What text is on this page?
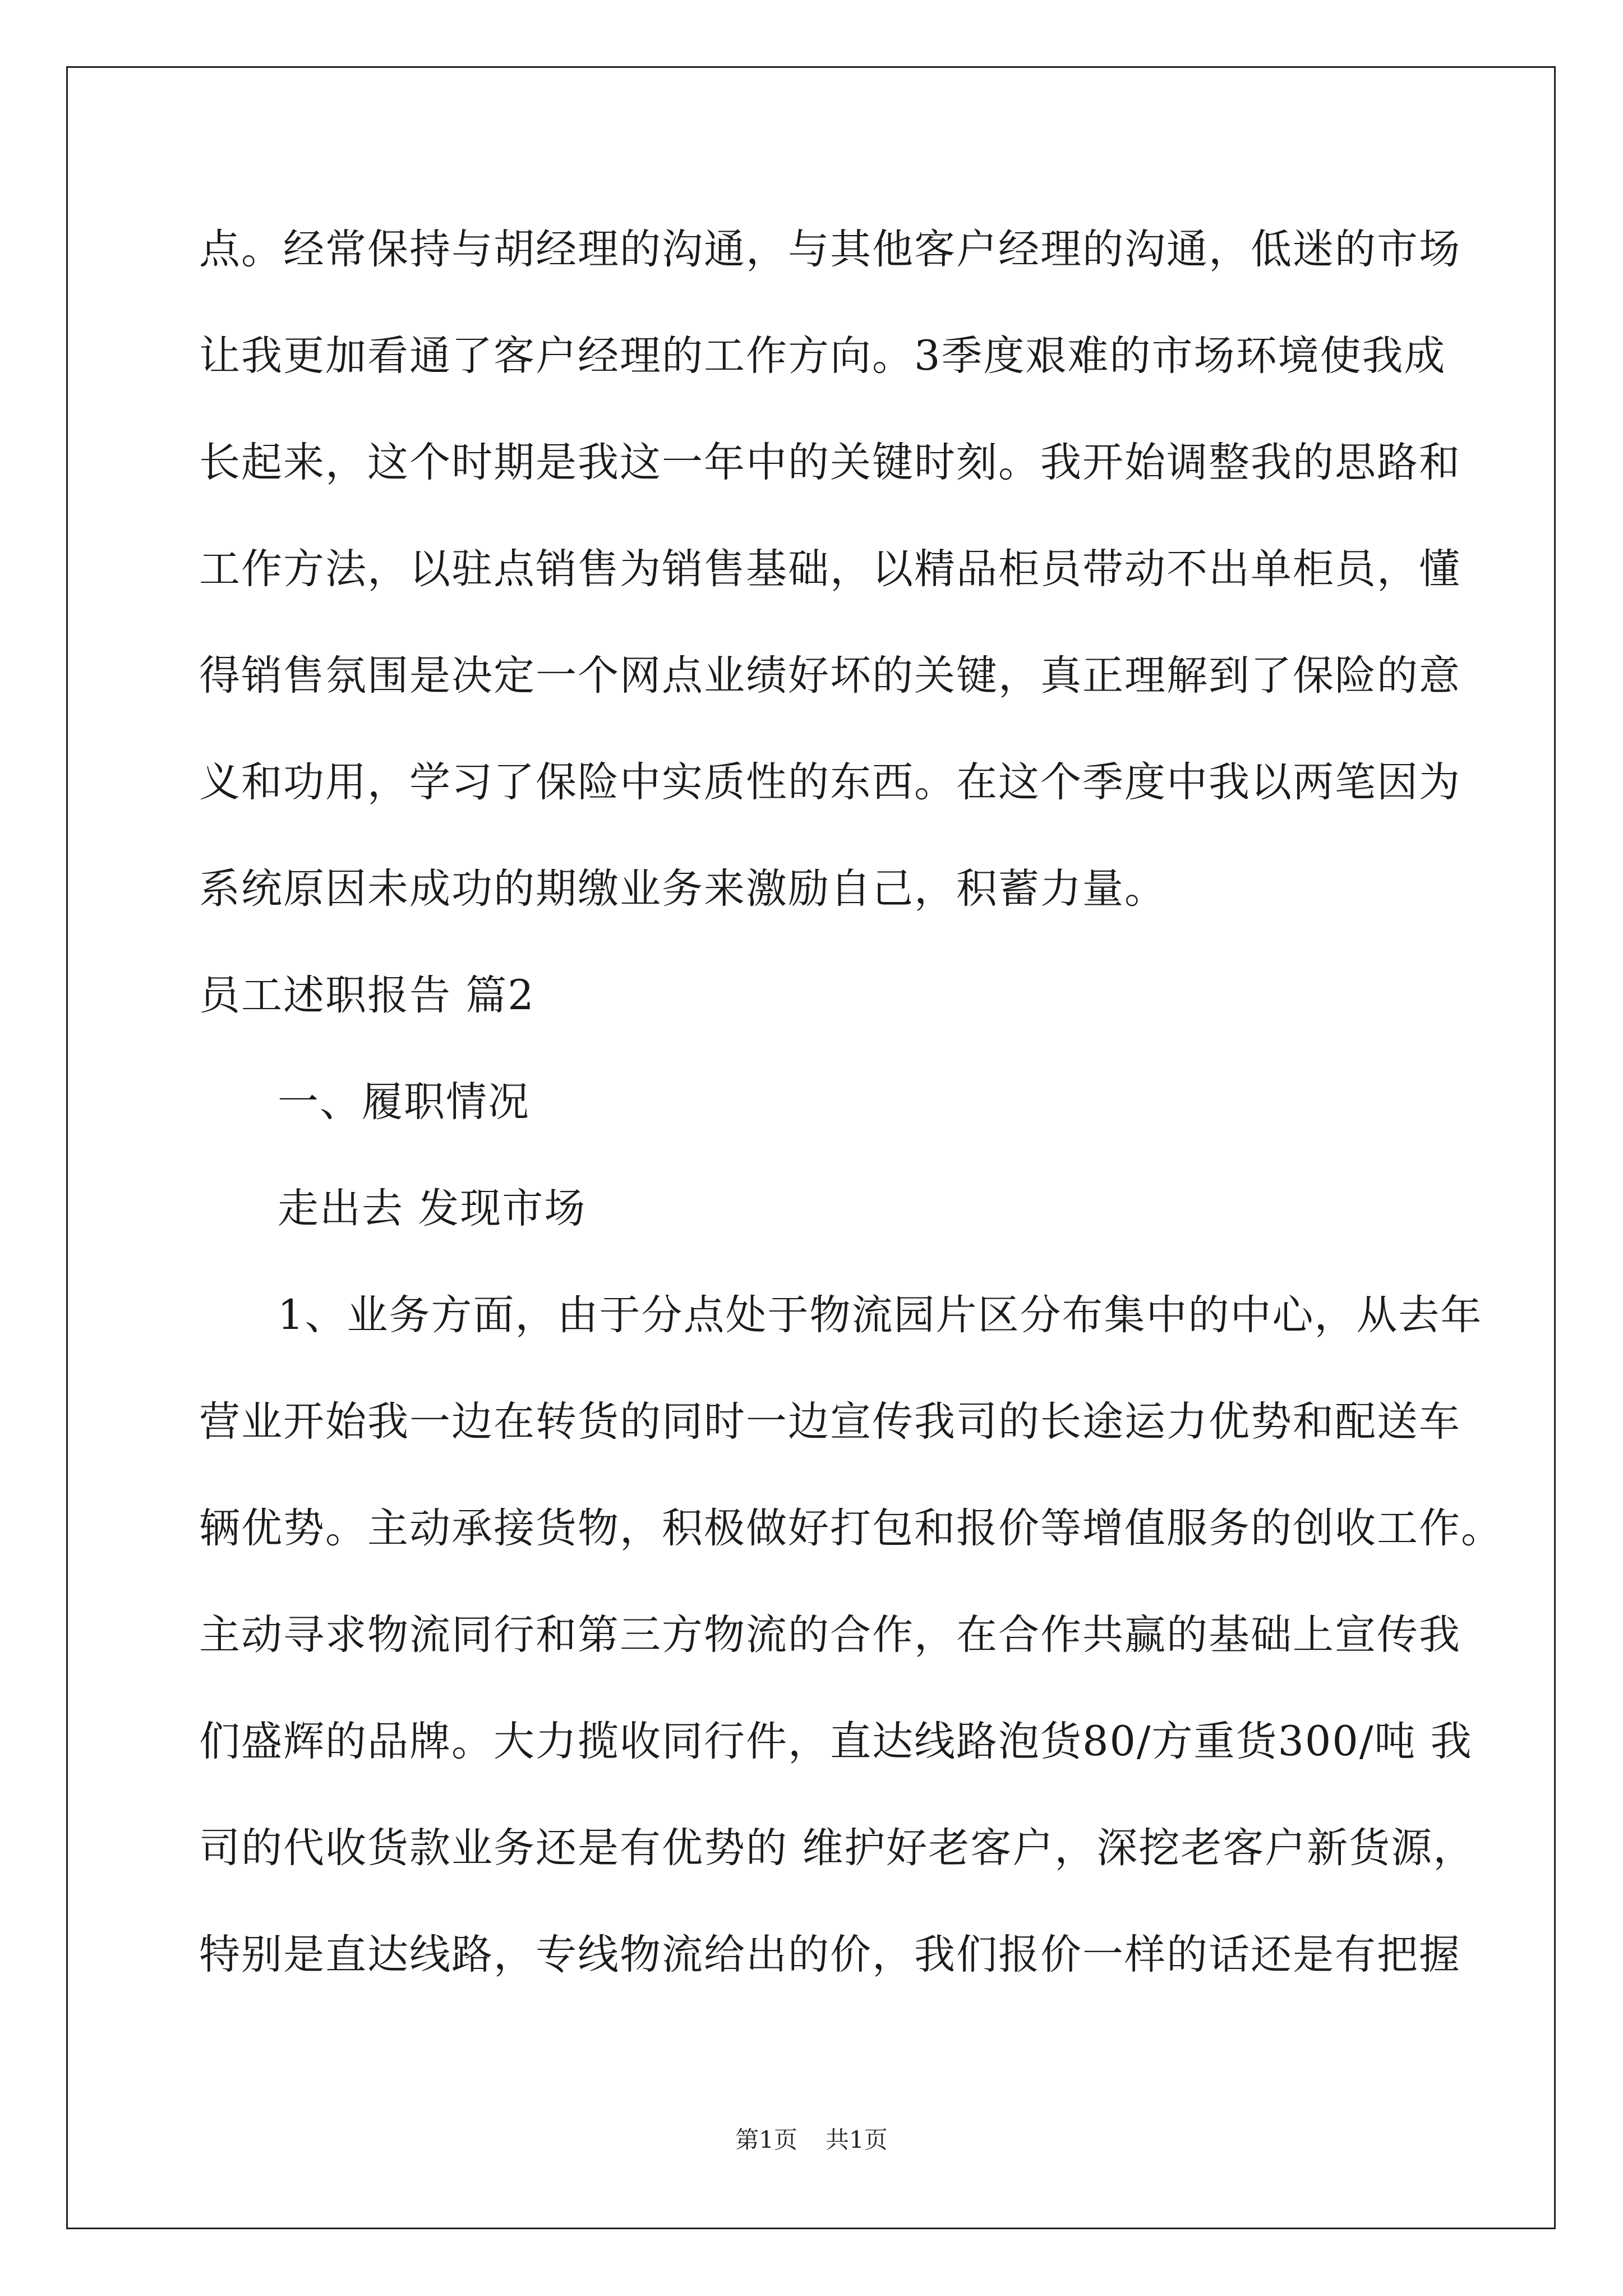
点。经常保持与胡经理的沟通，与其他客户经理的沟通，低迷的市场
让我更加看通了客户经理的工作方向。3季度艰难的市场环境使我成
长起来，这个时期是我这一年中的关键时刻。我开始调整我的思路和
工作方法，以驻点销售为销售基础，以精品柜员带动不出单柜员，懂
得销售氛围是决定一个网点业绩好坏的关键，真正理解到了保险的意
义和功用，学习了保险中实质性的东西。在这个季度中我以两笔因为
系统原因未成功的期缴业务来激励自己，积蓄力量。
员工述职报告 篇2
一、履职情况
走出去 发现市场
1、业务方面，由于分点处于物流园片区分布集中的中心，从去年
营业开始我一边在转货的同时一边宣传我司的长途运力优势和配送车
辆优势。主动承接货物，积极做好打包和报价等增值服务的创收工作。
主动寻求物流同行和第三方物流的合作，在合作共赢的基础上宣传我
们盛辉的品牌。大力揽收同行件，直达线路泡货80/方重货300/吨 我
司的代收货款业务还是有优势的 维护好老客户，深挖老客户新货源，
特别是直达线路，专线物流给出的价，我们报价一样的话还是有把握
第1页 共1页
